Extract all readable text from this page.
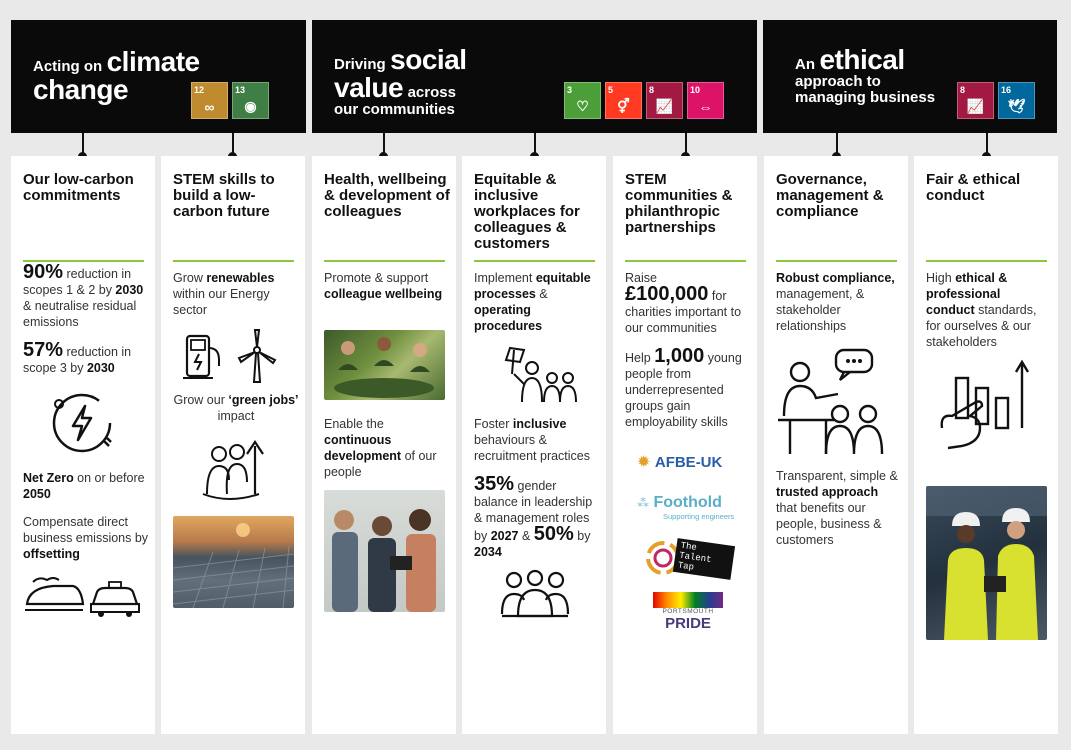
Acting on climate
change	12
∞
13
◉
Driving social
value across
our communities
3
♡
5
⚥
8
📈
10
⇔
An ethical
approach to
managing business	8
📈
16
🕊
Our low-carbon commitments
90% reduction in scopes 1 & 2 by 2030 & neutralise residual emissions
57% reduction in scope 3 by 2030
Net Zero on or before 2050
Compensate direct business emissions by offsetting
STEM skills to build a low-carbon future
Grow renewables within our Energy sector
Grow our ‘green jobs’ impact
Health, wellbeing & development of colleagues
Promote & support colleague wellbeing
Enable the continuous development of our people
Equitable & inclusive workplaces for colleagues & customers
Implement equitable processes & operating procedures
Foster inclusive behaviours & recruitment practices
35% gender balance in leadership & management roles by 2027 & 50% by 2034
STEM communities & philanthropic partnerships
Raise
£100,000 for charities important to our communities
Help 1,000 young people from underrepresented groups gain employability skills
✹ AFBE-UK
⁂ Foothold
Supporting engineers
The Talent Tap
PORTSMOUTH
PRIDE
Governance, management & compliance
Robust compliance, management, & stakeholder relationships
Transparent, simple & trusted approach that benefits our people, business & customers
Fair & ethical conduct
High ethical & professional conduct standards, for ourselves & our stakeholders
